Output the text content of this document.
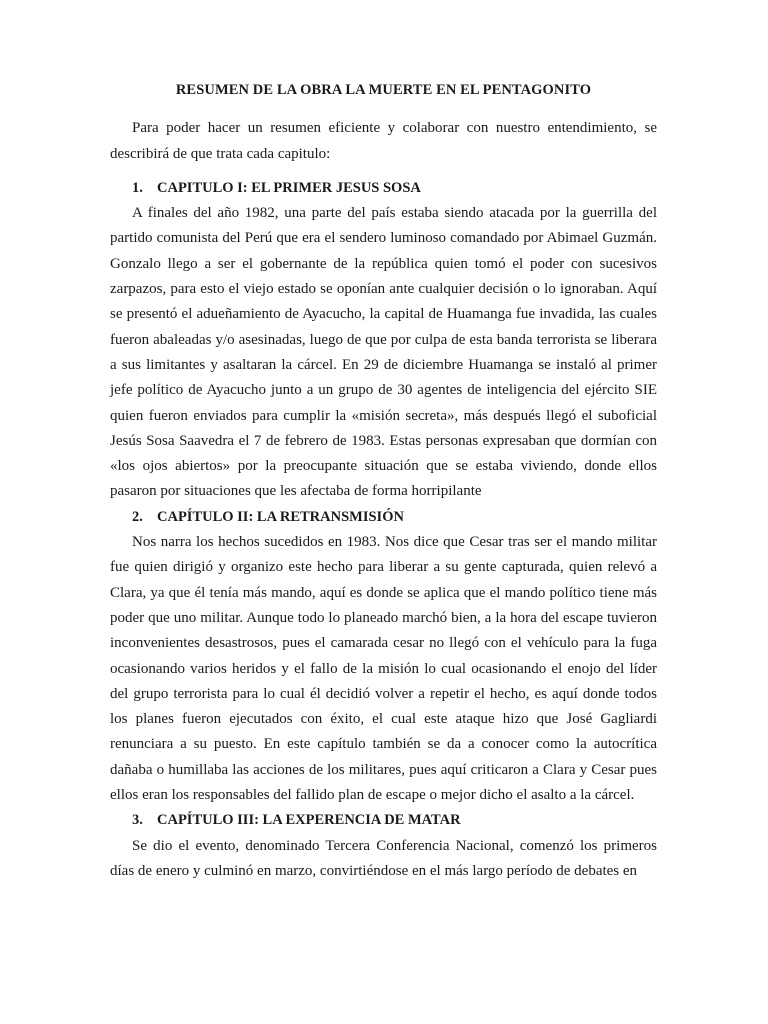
RESUMEN DE LA OBRA LA MUERTE EN EL PENTAGONITO

Para poder hacer un resumen eficiente y colaborar con nuestro entendimiento, se describirá de que trata cada capitulo:

1. CAPITULO I: EL PRIMER JESUS SOSA

A finales del año 1982, una parte del país estaba siendo atacada por la guerrilla del partido comunista del Perú que era el sendero luminoso comandado por Abimael Guzmán. Gonzalo llego a ser el gobernante de la república quien tomó el poder con sucesivos zarpazos, para esto el viejo estado se oponían ante cualquier decisión o lo ignoraban. Aquí se presentó el adueñamiento de Ayacucho, la capital de Huamanga fue invadida, las cuales fueron abaleadas y/o asesinadas, luego de que por culpa de esta banda terrorista se liberara a sus limitantes y asaltaran la cárcel. En 29 de diciembre Huamanga se instaló al primer jefe político de Ayacucho junto a un grupo de 30 agentes de inteligencia del ejército SIE quien fueron enviados para cumplir la «misión secreta», más después llegó el suboficial Jesús Sosa Saavedra el 7 de febrero de 1983. Estas personas expresaban que dormían con «los ojos abiertos» por la preocupante situación que se estaba viviendo, donde ellos pasaron por situaciones que les afectaba de forma horripilante

2. CAPÍTULO II: LA RETRANSMISIÓN

Nos narra los hechos sucedidos en 1983. Nos dice que Cesar tras ser el mando militar fue quien dirigió y organizo este hecho para liberar a su gente capturada, quien relevó a Clara, ya que él tenía más mando, aquí es donde se aplica que el mando político tiene más poder que uno militar. Aunque todo lo planeado marchó bien, a la hora del escape tuvieron inconvenientes desastrosos, pues el camarada cesar no llegó con el vehículo para la fuga ocasionando varios heridos y el fallo de la misión lo cual ocasionando el enojo del líder del grupo terrorista para lo cual él decidió volver a repetir el hecho, es aquí donde todos los planes fueron ejecutados con éxito, el cual este ataque hizo que José Gagliardi renunciara a su puesto. En este capítulo también se da a conocer como la autocrítica dañaba o humillaba las acciones de los militares, pues aquí criticaron a Clara y Cesar pues ellos eran los responsables del fallido plan de escape o mejor dicho el asalto a la cárcel.

3. CAPÍTULO III: LA EXPERENCIA DE MATAR

Se dio el evento, denominado Tercera Conferencia Nacional, comenzó los primeros días de enero y culminó en marzo, convirtiéndose en el más largo período de debates en
